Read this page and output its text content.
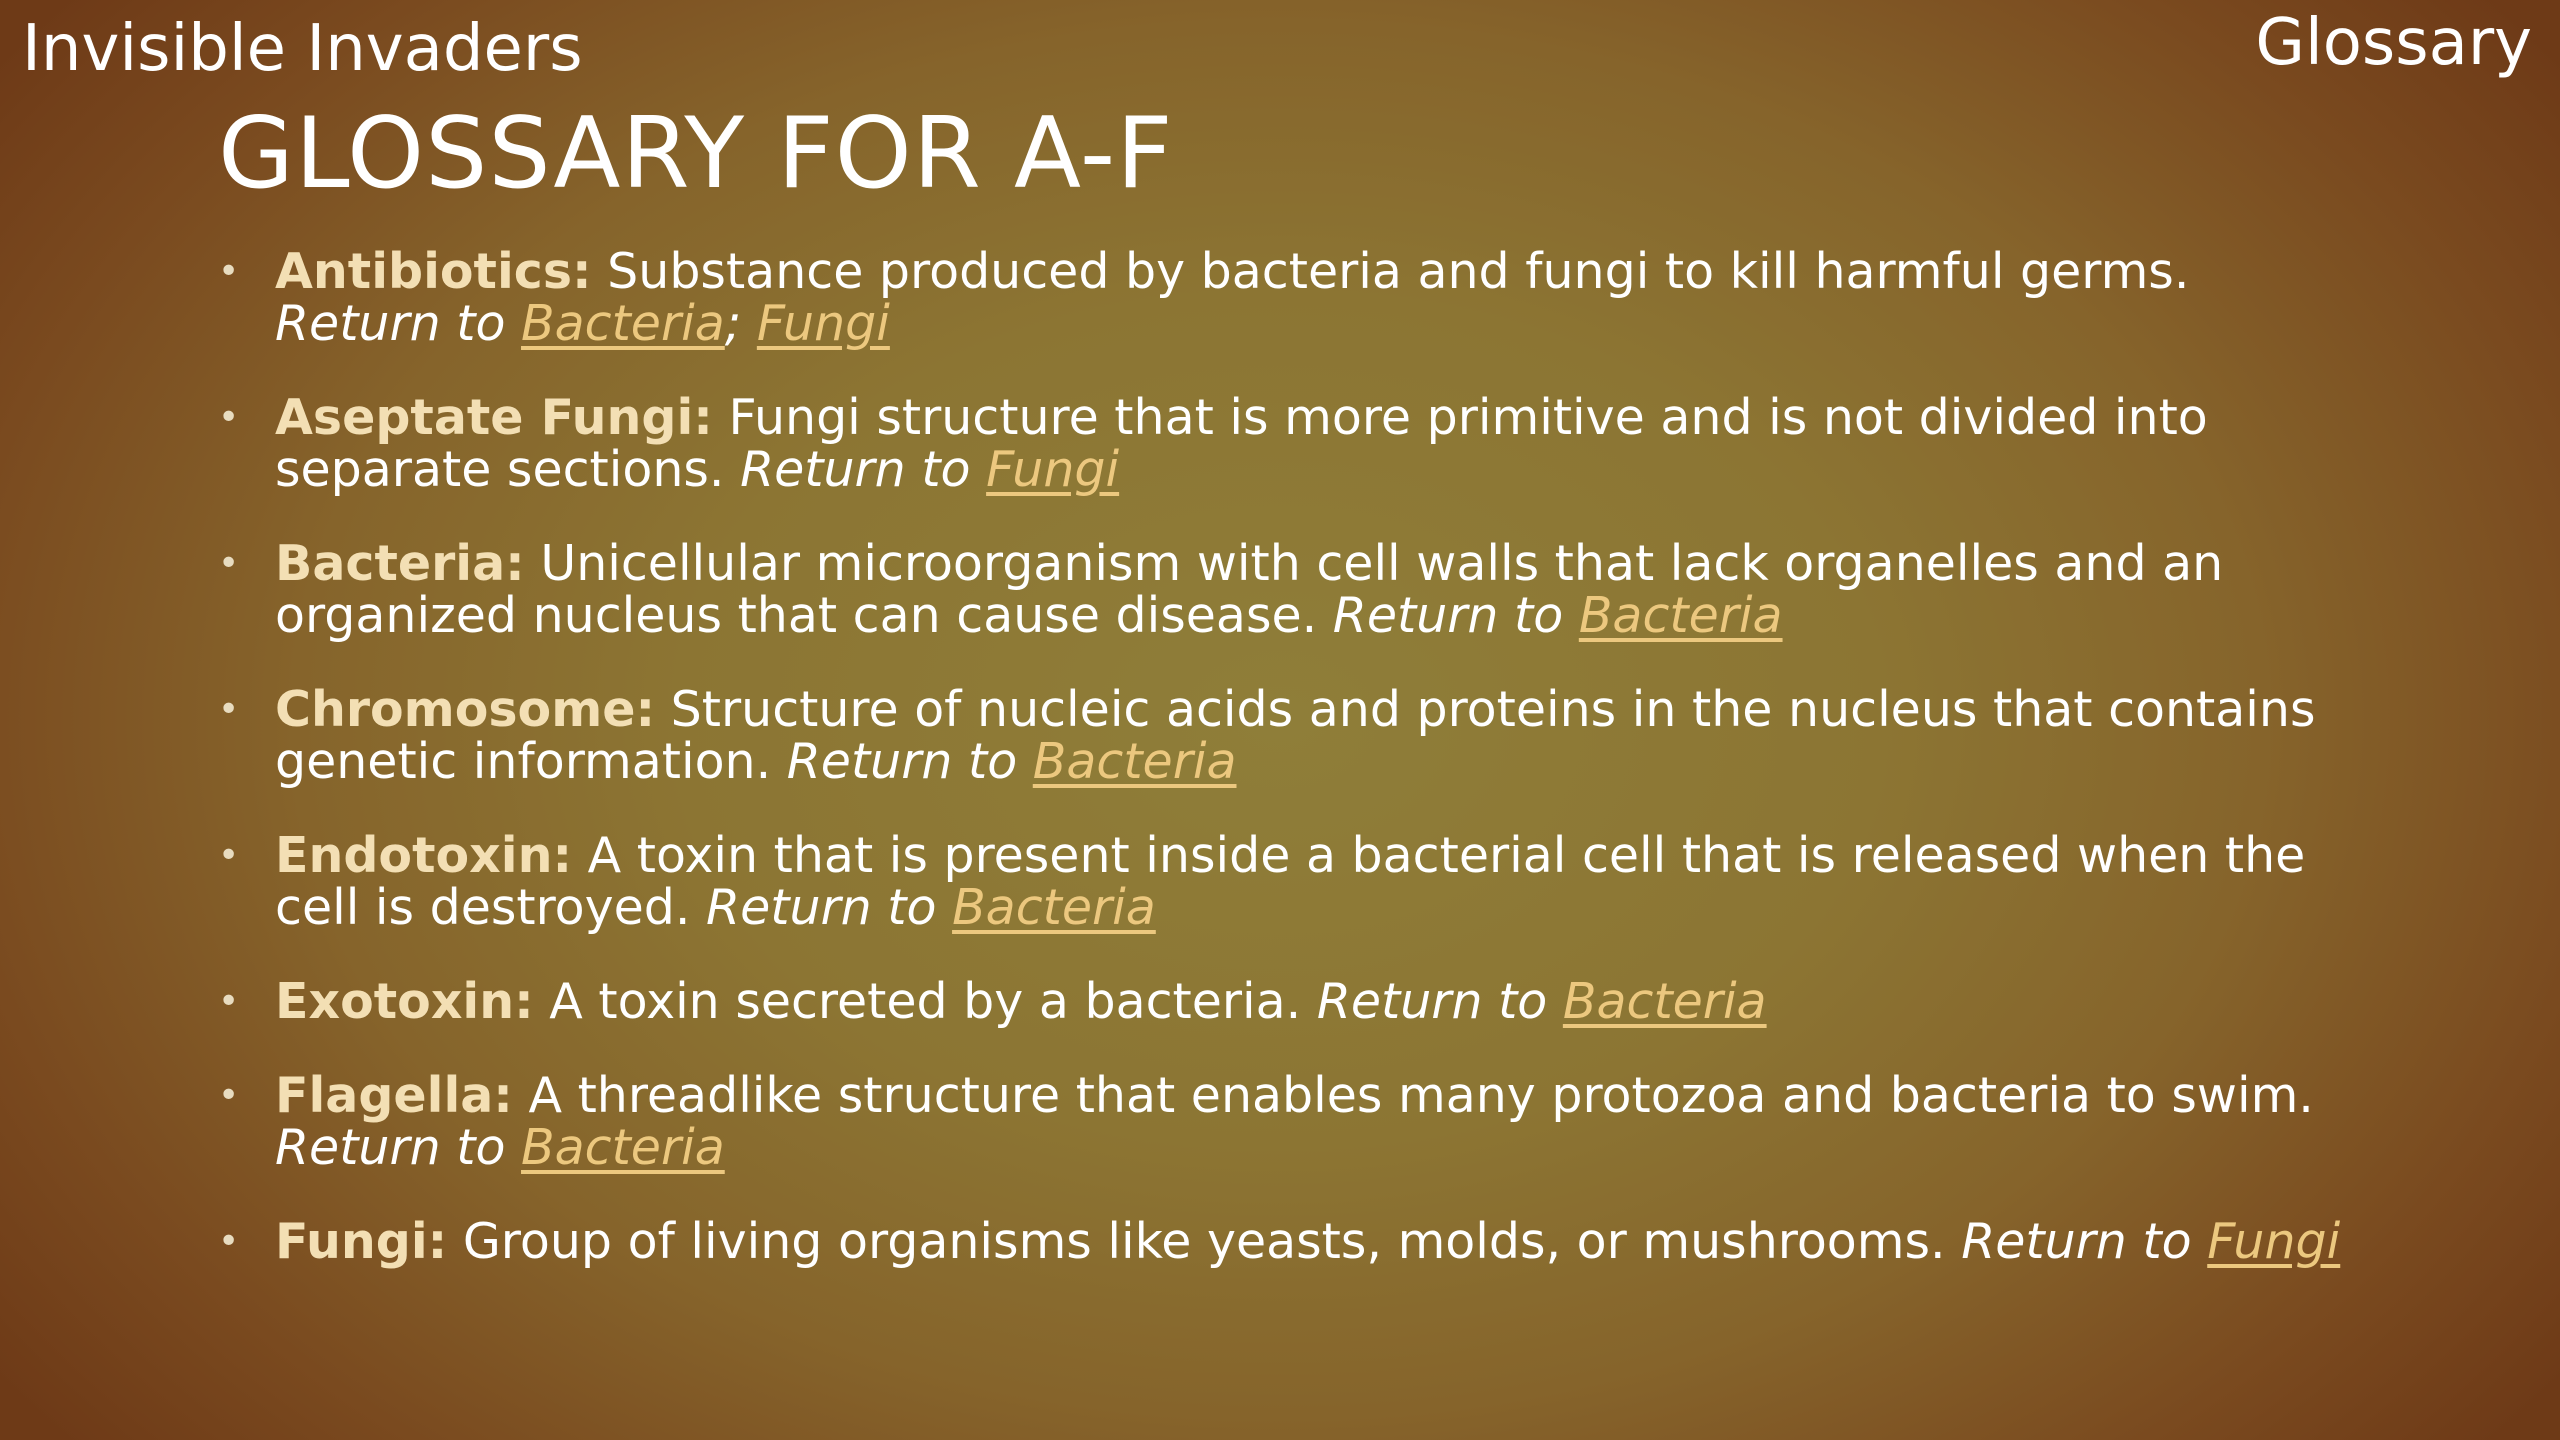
Invisible Invaders	Glossary
GLOSSARY FOR A-F
• Antibiotics: Substance produced by bacteria and fungi to kill harmful germs. Return to Bacteria; Fungi
• Aseptate Fungi: Fungi structure that is more primitive and is not divided into separate sections. Return to Fungi
• Bacteria: Unicellular microorganism with cell walls that lack organelles and an organized nucleus that can cause disease. Return to Bacteria
• Chromosome: Structure of nucleic acids and proteins in the nucleus that contains genetic information. Return to Bacteria
• Endotoxin: A toxin that is present inside a bacterial cell that is released when the cell is destroyed. Return to Bacteria
• Exotoxin: A toxin secreted by a bacteria. Return to Bacteria
• Flagella: A threadlike structure that enables many protozoa and bacteria to swim. Return to Bacteria
• Fungi: Group of living organisms like yeasts, molds, or mushrooms. Return to Fungi
